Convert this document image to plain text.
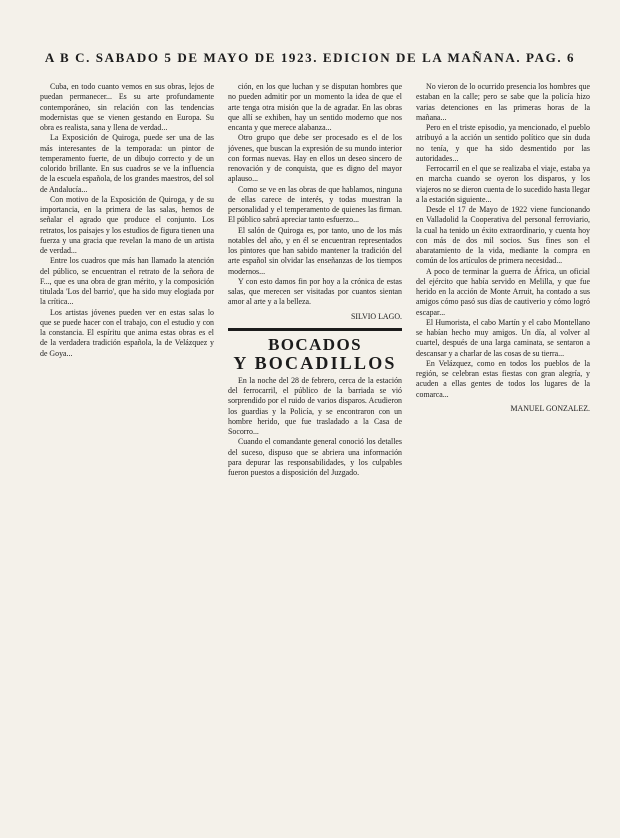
A B C. SABADO 5 DE MAYO DE 1923. EDICION DE LA MAÑANA. PAG. 6

Cuba, en todo cuanto vemos en sus obras, lejos de puedan permanecer... Es su arte profundamente contemporáneo, sin relación con las tendencias modernistas que se vienen gestando en Europa. Su obra es realista, sana y llena de verdad...

La Exposición de Quiroga, puede ser una de las más interesantes de la temporada: un pintor de temperamento fuerte, de un dibujo correcto y de un colorido brillante. En sus cuadros se ve la influencia de la escuela española, de los grandes maestros, del sol de Andalucía...

Con motivo de la Exposición de Quiroga, y de su importancia, en la primera de las salas, hemos de señalar el agrado que produce el conjunto. Los retratos, los paisajes y los estudios de figura tienen una fuerza y una gracia que revelan la mano de un artista de verdad...

Entre los cuadros que más han llamado la atención del público, se encuentran el retrato de la señora de F..., que es una obra de gran mérito, y la composición titulada 'Los del barrio', que ha sido muy elogiada por la crítica...

Los artistas jóvenes pueden ver en estas salas lo que se puede hacer con el trabajo, con el estudio y con la constancia. El espíritu que anima estas obras es el de la verdadera tradición española, la de Velázquez y de Goya...

ción, en los que luchan y se disputan hombres que no pueden admitir por un momento la idea de que el arte tenga otra misión que la de agradar. En las obras que allí se exhiben, hay un sentido moderno que nos encanta y que merece alabanza...

Otro grupo que debe ser procesado es el de los jóvenes, que buscan la expresión de su mundo interior con formas nuevas. Hay en ellos un deseo sincero de renovación y de conquista, que es digno del mayor aplauso...

Como se ve en las obras de que hablamos, ninguna de ellas carece de interés, y todas muestran la personalidad y el temperamento de quienes las firman. El público sabrá apreciar tanto esfuerzo...

El salón de Quiroga es, por tanto, uno de los más notables del año, y en él se encuentran representados los pintores que han sabido mantener la tradición del arte español sin olvidar las enseñanzas de los tiempos modernos...

Y con esto damos fin por hoy a la crónica de estas salas, que merecen ser visitadas por cuantos sientan amor al arte y a la belleza.

SILVIO LAGO.
BOCADOS
Y BOCADILLOS

En la noche del 28 de febrero, cerca de la estación del ferrocarril, el público de la barriada se vió sorprendido por el ruido de varios disparos. Acudieron los guardias y la Policía, y se encontraron con un hombre herido, que fue trasladado a la Casa de Socorro...

Cuando el comandante general conoció los detalles del suceso, dispuso que se abriera una información para depurar las responsabilidades, y los culpables fueron puestos a disposición del Juzgado.

No vieron de lo ocurrido presencia los hombres que estaban en la calle; pero se sabe que la policía hizo varias detenciones en las primeras horas de la mañana...

Pero en el triste episodio, ya mencionado, el pueblo atribuyó a la acción un sentido político que sin duda no tenía, y que ha sido desmentido por las autoridades...

Ferrocarril en el que se realizaba el viaje, estaba ya en marcha cuando se oyeron los disparos, y los viajeros no se dieron cuenta de lo sucedido hasta llegar a la estación siguiente...

Desde el 17 de Mayo de 1922 viene funcionando en Valladolid la Cooperativa del personal ferroviario, la cual ha tenido un éxito extraordinario, y cuenta hoy con más de dos mil socios. Sus fines son el abaratamiento de la vida, mediante la compra en común de los artículos de primera necesidad...

A poco de terminar la guerra de África, un oficial del ejército que había servido en Melilla, y que fue herido en la acción de Monte Arruit, ha contado a sus amigos cómo pasó sus días de cautiverio y cómo logró escapar...

El Humorista, el cabo Martín y el cabo Montellano se habían hecho muy amigos. Un día, al volver al cuartel, después de una larga caminata, se sentaron a descansar y a charlar de las cosas de su tierra...

En Velázquez, como en todos los pueblos de la región, se celebran estas fiestas con gran alegría, y acuden a ellas gentes de todos los lugares de la comarca...

MANUEL GONZALEZ.
